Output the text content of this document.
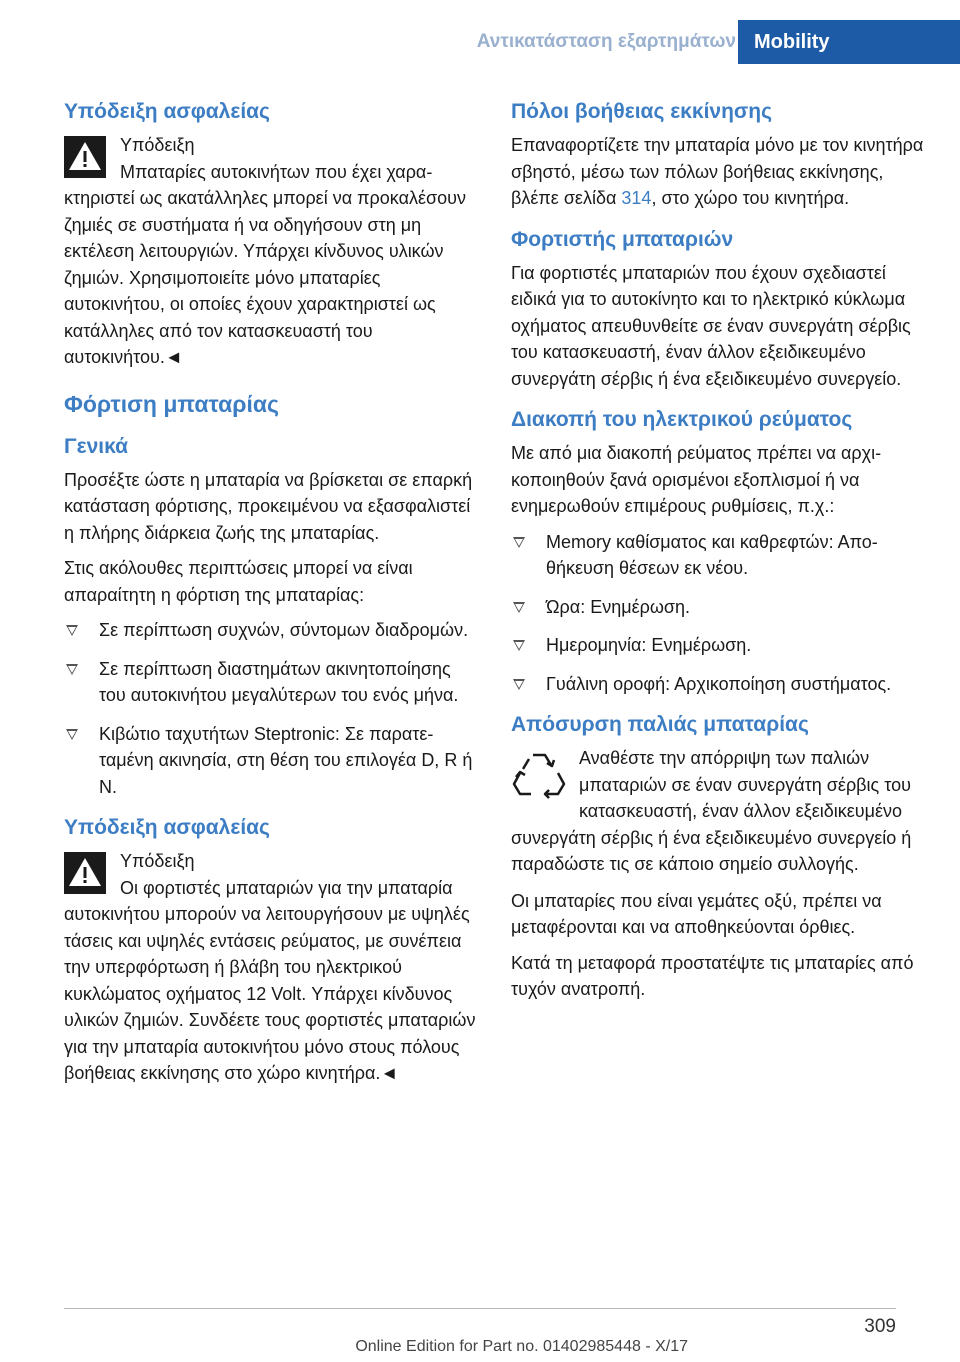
Αντικατάσταση εξαρτημάτων Mobility
Υπόδειξη ασφαλείας
Υπόδειξη

Μπαταρίες αυτοκινήτων που έχει χαρακτηριστεί ως ακατάλληλες μπορεί να προκαλέσουν ζημιές σε συστήματα ή να οδηγήσουν στη μη εκτέλεση λειτουργιών. Υπάρχει κίνδυνος υλικών ζημιών. Χρησιμοποιείτε μόνο μπαταρίες αυτοκινήτου, οι οποίες έχουν χαρακτηριστεί ως κατάλληλες από τον κατασκευαστή του αυτοκινήτου.◄

Φόρτιση μπαταρίας
Γενικά

Προσέξτε ώστε η μπαταρία να βρίσκεται σε επαρκή κατάσταση φόρτισης, προκειμένου να εξασφαλιστεί η πλήρης διάρκεια ζωής της μπαταρίας.

Στις ακόλουθες περιπτώσεις μπορεί να είναι απαραίτητη η φόρτιση της μπαταρίας:

Σε περίπτωση συχνών, σύντομων διαδρομών.
Σε περίπτωση διαστημάτων ακινητοποίησης του αυτοκινήτου μεγαλύτερων του ενός μήνα.
Κιβώτιο ταχυτήτων Steptronic: Σε παρατεταμένη ακινησία, στη θέση του επιλογέα D, R ή N.
Υπόδειξη ασφαλείας
Υπόδειξη

Οι φορτιστές μπαταριών για την μπαταρία αυτοκινήτου μπορούν να λειτουργήσουν με υψηλές τάσεις και υψηλές εντάσεις ρεύματος, με συνέπεια την υπερφόρτωση ή βλάβη του ηλεκτρικού κυκλώματος οχήματος 12 Volt. Υπάρχει κίνδυνος υλικών ζημιών. Συνδέετε τους φορτιστές μπαταριών για την μπαταρία αυτοκινήτου μόνο στους πόλους βοήθειας εκκίνησης στο χώρο κινητήρα.◄

Πόλοι βοήθειας εκκίνησης

Επαναφορτίζετε την μπαταρία μόνο με τον κινητήρα σβηστό, μέσω των πόλων βοήθειας εκκίνησης, βλέπε σελίδα 314, στο χώρο του κινητήρα.

Φορτιστής μπαταριών

Για φορτιστές μπαταριών που έχουν σχεδιαστεί ειδικά για το αυτοκίνητο και το ηλεκτρικό κύκλωμα οχήματος απευθυνθείτε σε έναν συνεργάτη σέρβις του κατασκευαστή, έναν άλλον εξειδικευμένο συνεργάτη σέρβις ή ένα εξειδικευμένο συνεργείο.

Διακοπή του ηλεκτρικού ρεύματος

Με από μια διακοπή ρεύματος πρέπει να αρχικοποιηθούν ξανά ορισμένοι εξοπλισμοί ή να ενημερωθούν επιμέρους ρυθμίσεις, π.χ.:

Memory καθίσματος και καθρεφτών: Αποθήκευση θέσεων εκ νέου.
Ώρα: Ενημέρωση.
Ημερομηνία: Ενημέρωση.
Γυάλινη οροφή: Αρχικοποίηση συστήματος.
Απόσυρση παλιάς μπαταρίας

Αναθέστε την απόρριψη των παλιών μπαταριών σε έναν συνεργάτη σέρβις του κατασκευαστή, έναν άλλον εξειδικευμένο συνεργάτη σέρβις ή ένα εξειδικευμένο συνεργείο ή παραδώστε τις σε κάποιο σημείο συλλογής.

Οι μπαταρίες που είναι γεμάτες οξύ, πρέπει να μεταφέρονται και να αποθηκεύονται όρθιες.

Κατά τη μεταφορά προστατέψτε τις μπαταρίες από τυχόν ανατροπή.

309
Online Edition for Part no. 01402985448 - X/17
